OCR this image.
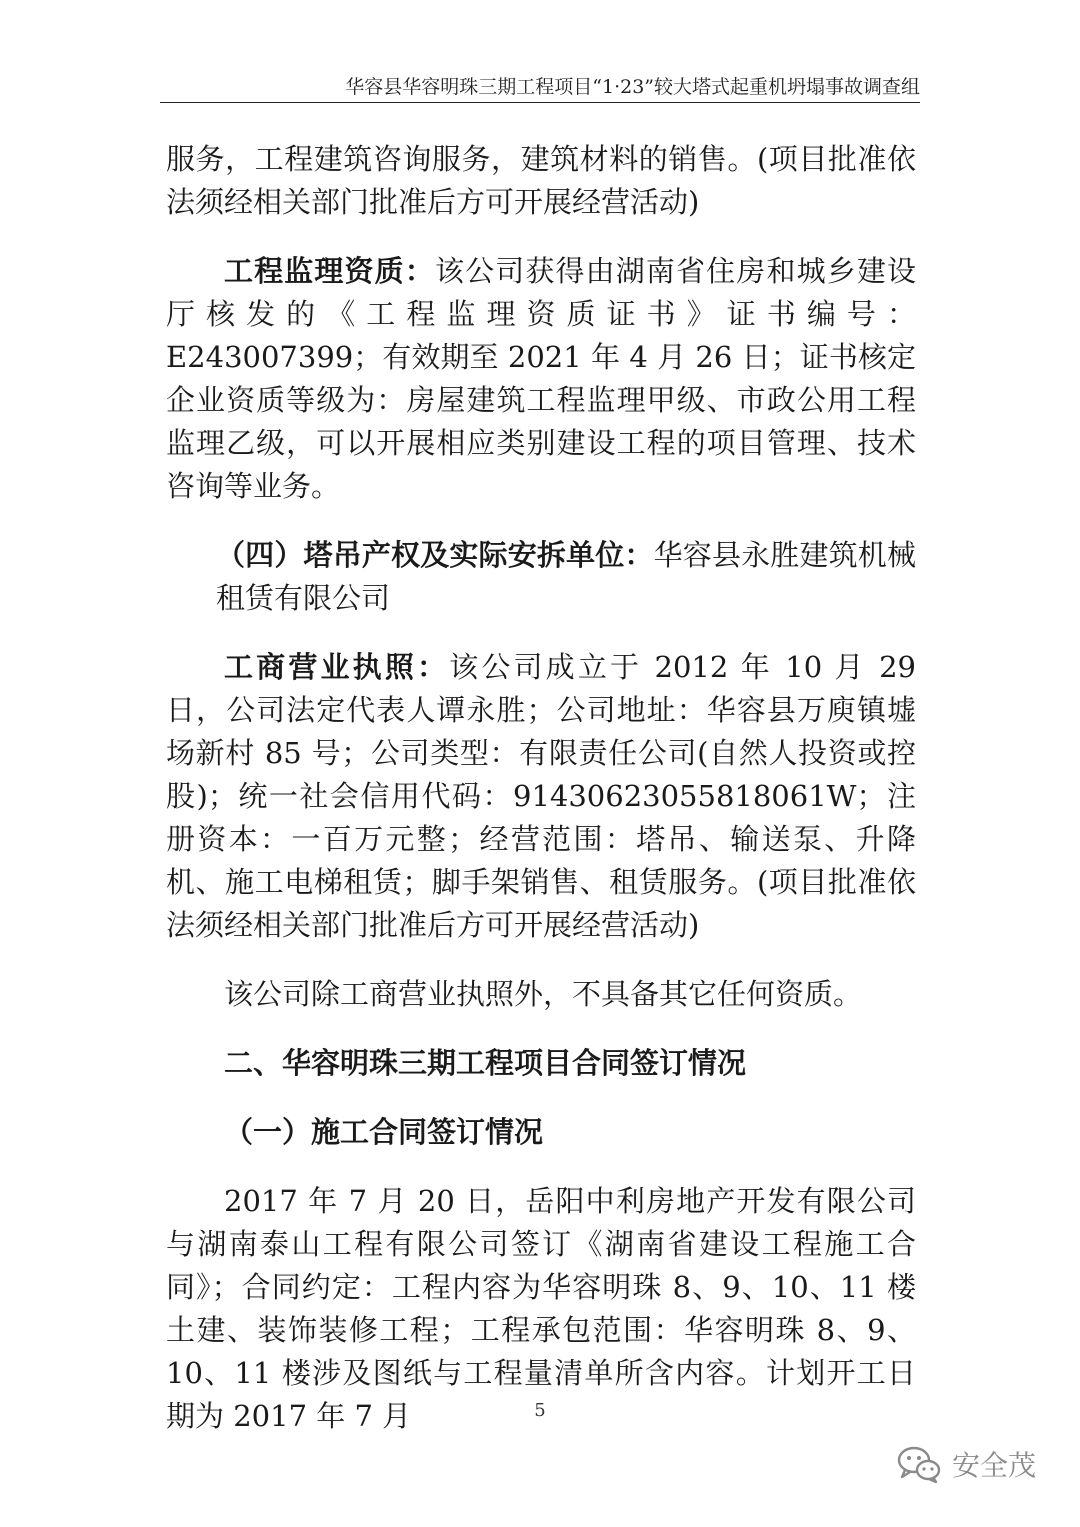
华容县华容明珠三期工程项目“1·23”较大塔式起重机坍塌事故调查组

服务，工程建筑咨询服务，建筑材料的销售。(项目批准依法须经相关部门批准后方可开展经营活动)

工程监理资质：该公司获得由湖南省住房和城乡建设厅核发的《工程监理资质证书》证书编号：E243007399；有效期至 2021 年 4 月 26 日；证书核定企业资质等级为：房屋建筑工程监理甲级、市政公用工程监理乙级，可以开展相应类别建设工程的项目管理、技术咨询等业务。

（四）塔吊产权及实际安拆单位：华容县永胜建筑机械租赁有限公司

工商营业执照：该公司成立于 2012 年 10 月 29 日，公司法定代表人谭永胜；公司地址：华容县万庾镇墟场新村 85 号；公司类型：有限责任公司(自然人投资或控股)；统一社会信用代码：91430623055818061W；注册资本：一百万元整；经营范围：塔吊、输送泵、升降机、施工电梯租赁；脚手架销售、租赁服务。(项目批准依法须经相关部门批准后方可开展经营活动)

该公司除工商营业执照外，不具备其它任何资质。

二、华容明珠三期工程项目合同签订情况

（一）施工合同签订情况

2017 年 7 月 20 日，岳阳中利房地产开发有限公司与湖南泰山工程有限公司签订《湖南省建设工程施工合同》；合同约定：工程内容为华容明珠 8、9、10、11 楼土建、装饰装修工程；工程承包范围：华容明珠 8、9、10、11 楼涉及图纸与工程量清单所含内容。计划开工日期为 2017 年 7 月	5
安全茂
